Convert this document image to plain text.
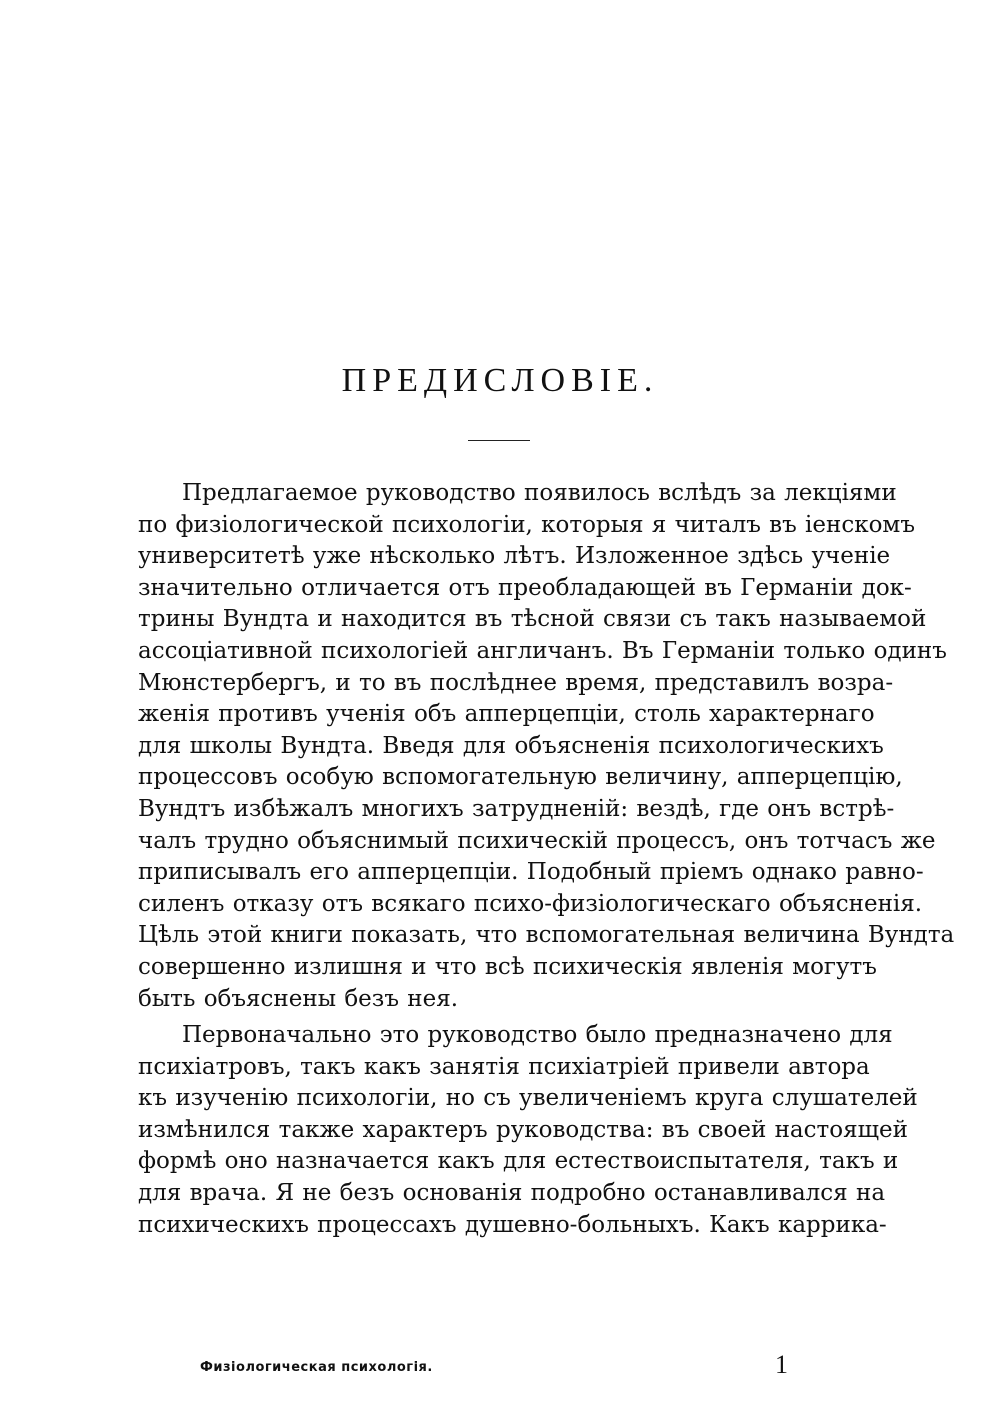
ПРЕДИСЛОВІЕ.
Предлагаемое руководство появилось вслѣдъ за лекціями
по физіологической психологіи, которыя я читалъ въ іенскомъ
университетѣ уже нѣсколько лѣтъ. Изложенное здѣсь ученіе
значительно отличается отъ преобладающей въ Германіи док-
трины Вундта и находится въ тѣсной связи съ такъ называемой
ассоціативной психологіей англичанъ. Въ Германіи только одинъ
Мюнстербергъ, и то въ послѣднее время, представилъ возра-
женія противъ ученія объ апперцепціи, столь характернаго
для школы Вундта. Введя для объясненія психологическихъ
процессовъ особую вспомогательную величину, апперцепцію,
Вундтъ избѣжалъ многихъ затрудненій: вездѣ, где онъ встрѣ-
чалъ трудно объяснимый психическій процессъ, онъ тотчасъ же
приписывалъ его апперцепціи. Подобный пріемъ однако равно-
силенъ отказу отъ всякаго психо-физіологическаго объясненія.
Цѣль этой книги показать, что вспомогательная величина Вундта
совершенно излишня и что всѣ психическія явленія могутъ
быть объяснены безъ нея.
Первоначально это руководство было предназначено для
психіатровъ, такъ какъ занятія психіатріей привели автора
къ изученію психологіи, но съ увеличеніемъ круга слушателей
измѣнился также характеръ руководства: въ своей настоящей
формѣ оно назначается какъ для естествоиспытателя, такъ и
для врача. Я не безъ основанія подробно останавливался на
психическихъ процессахъ душевно-больныхъ. Какъ каррика-
Физіологическая психологія.	1
